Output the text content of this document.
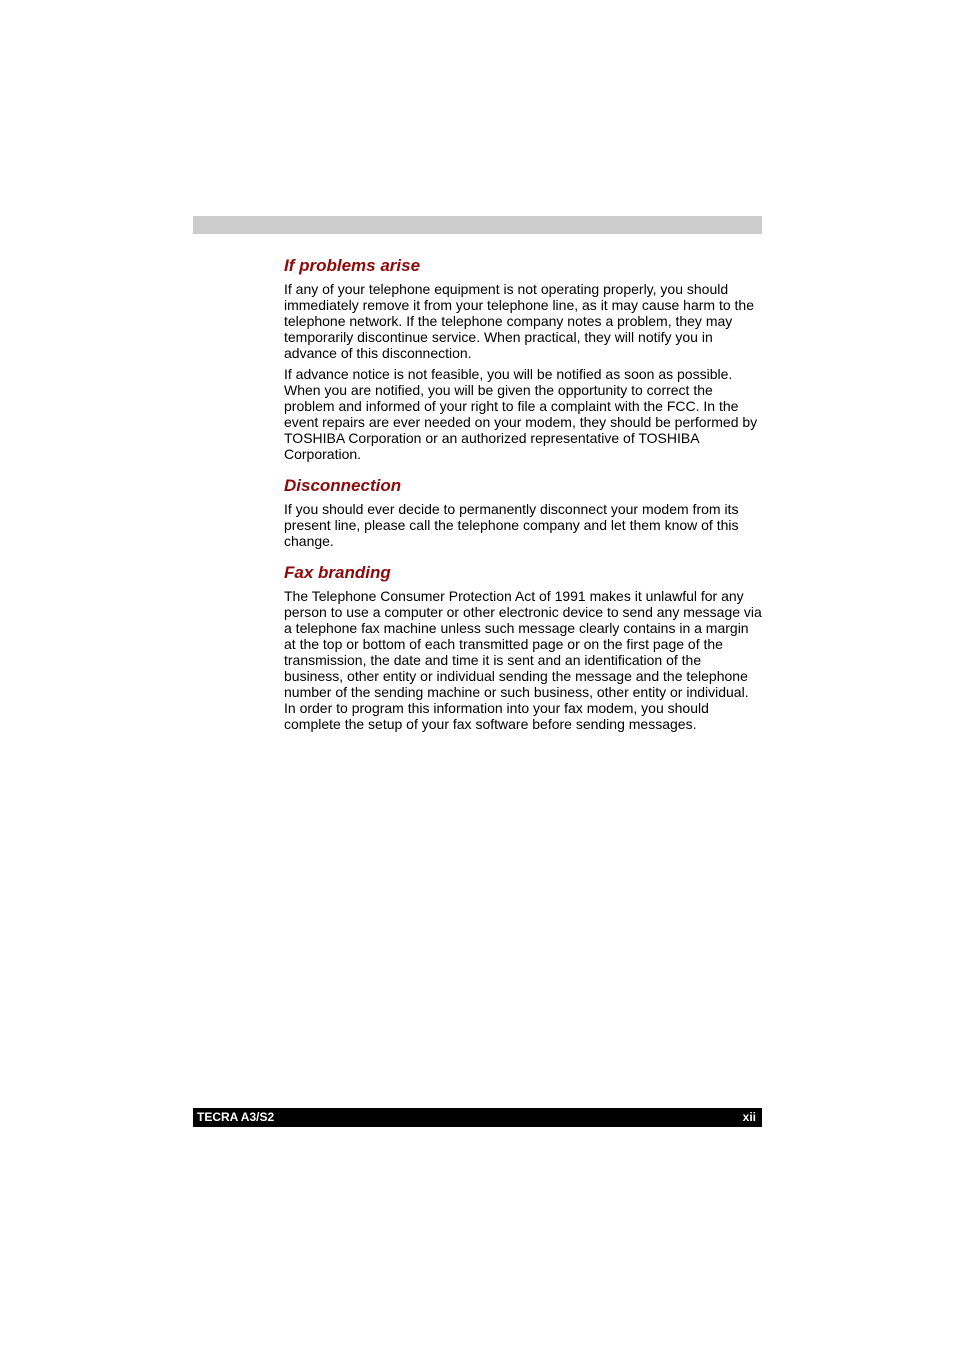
If problems arise

If any of your telephone equipment is not operating properly, you should immediately remove it from your telephone line, as it may cause harm to the telephone network. If the telephone company notes a problem, they may temporarily discontinue service. When practical, they will notify you in advance of this disconnection.

If advance notice is not feasible, you will be notified as soon as possible. When you are notified, you will be given the opportunity to correct the problem and informed of your right to file a complaint with the FCC. In the event repairs are ever needed on your modem, they should be performed by TOSHIBA Corporation or an authorized representative of TOSHIBA Corporation.

Disconnection

If you should ever decide to permanently disconnect your modem from its present line, please call the telephone company and let them know of this change.

Fax branding

The Telephone Consumer Protection Act of 1991 makes it unlawful for any person to use a computer or other electronic device to send any message via a telephone fax machine unless such message clearly contains in a margin at the top or bottom of each transmitted page or on the first page of the transmission, the date and time it is sent and an identification of the business, other entity or individual sending the message and the telephone number of the sending machine or such business, other entity or individual. In order to program this information into your fax modem, you should complete the setup of your fax software before sending messages.

TECRA A3/S2	xii
